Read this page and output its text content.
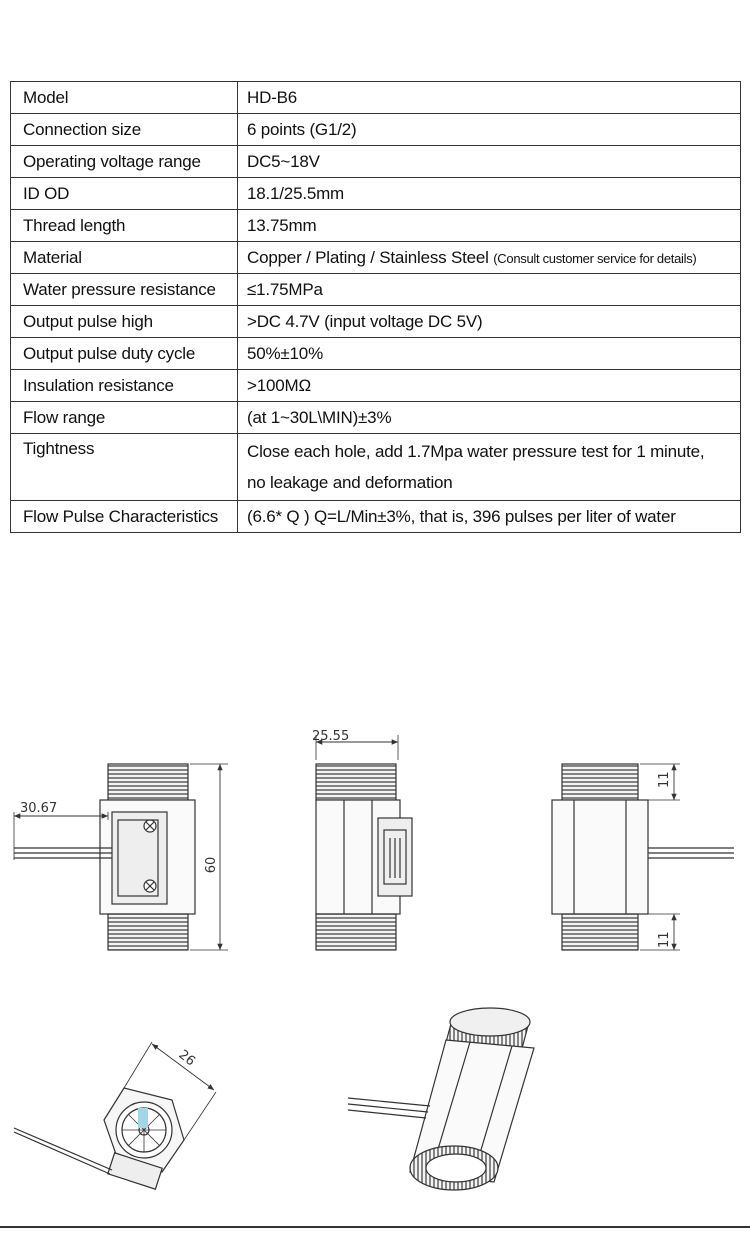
Model	HD-B6
Connection size	6 points (G1/2)
Operating voltage range	DC5~18V
ID OD	18.1/25.5mm
Thread length	13.75mm
Material	Copper / Plating / Stainless Steel (Consult customer service for details)
Water pressure resistance	≤1.75MPa
Output pulse high	>DC 4.7V (input voltage DC 5V)
Output pulse duty cycle	50%±10%
Insulation resistance	>100MΩ
Flow range	(at 1~30L\MIN)±3%
Tightness	Close each hole, add 1.7Mpa water pressure test for 1 minute,
no leakage and deformation

Flow Pulse Characteristics	(6.6* Q ) Q=L/Min±3%, that is, 396 pulses per liter of water
30.67
60
25.55
11
11
26
